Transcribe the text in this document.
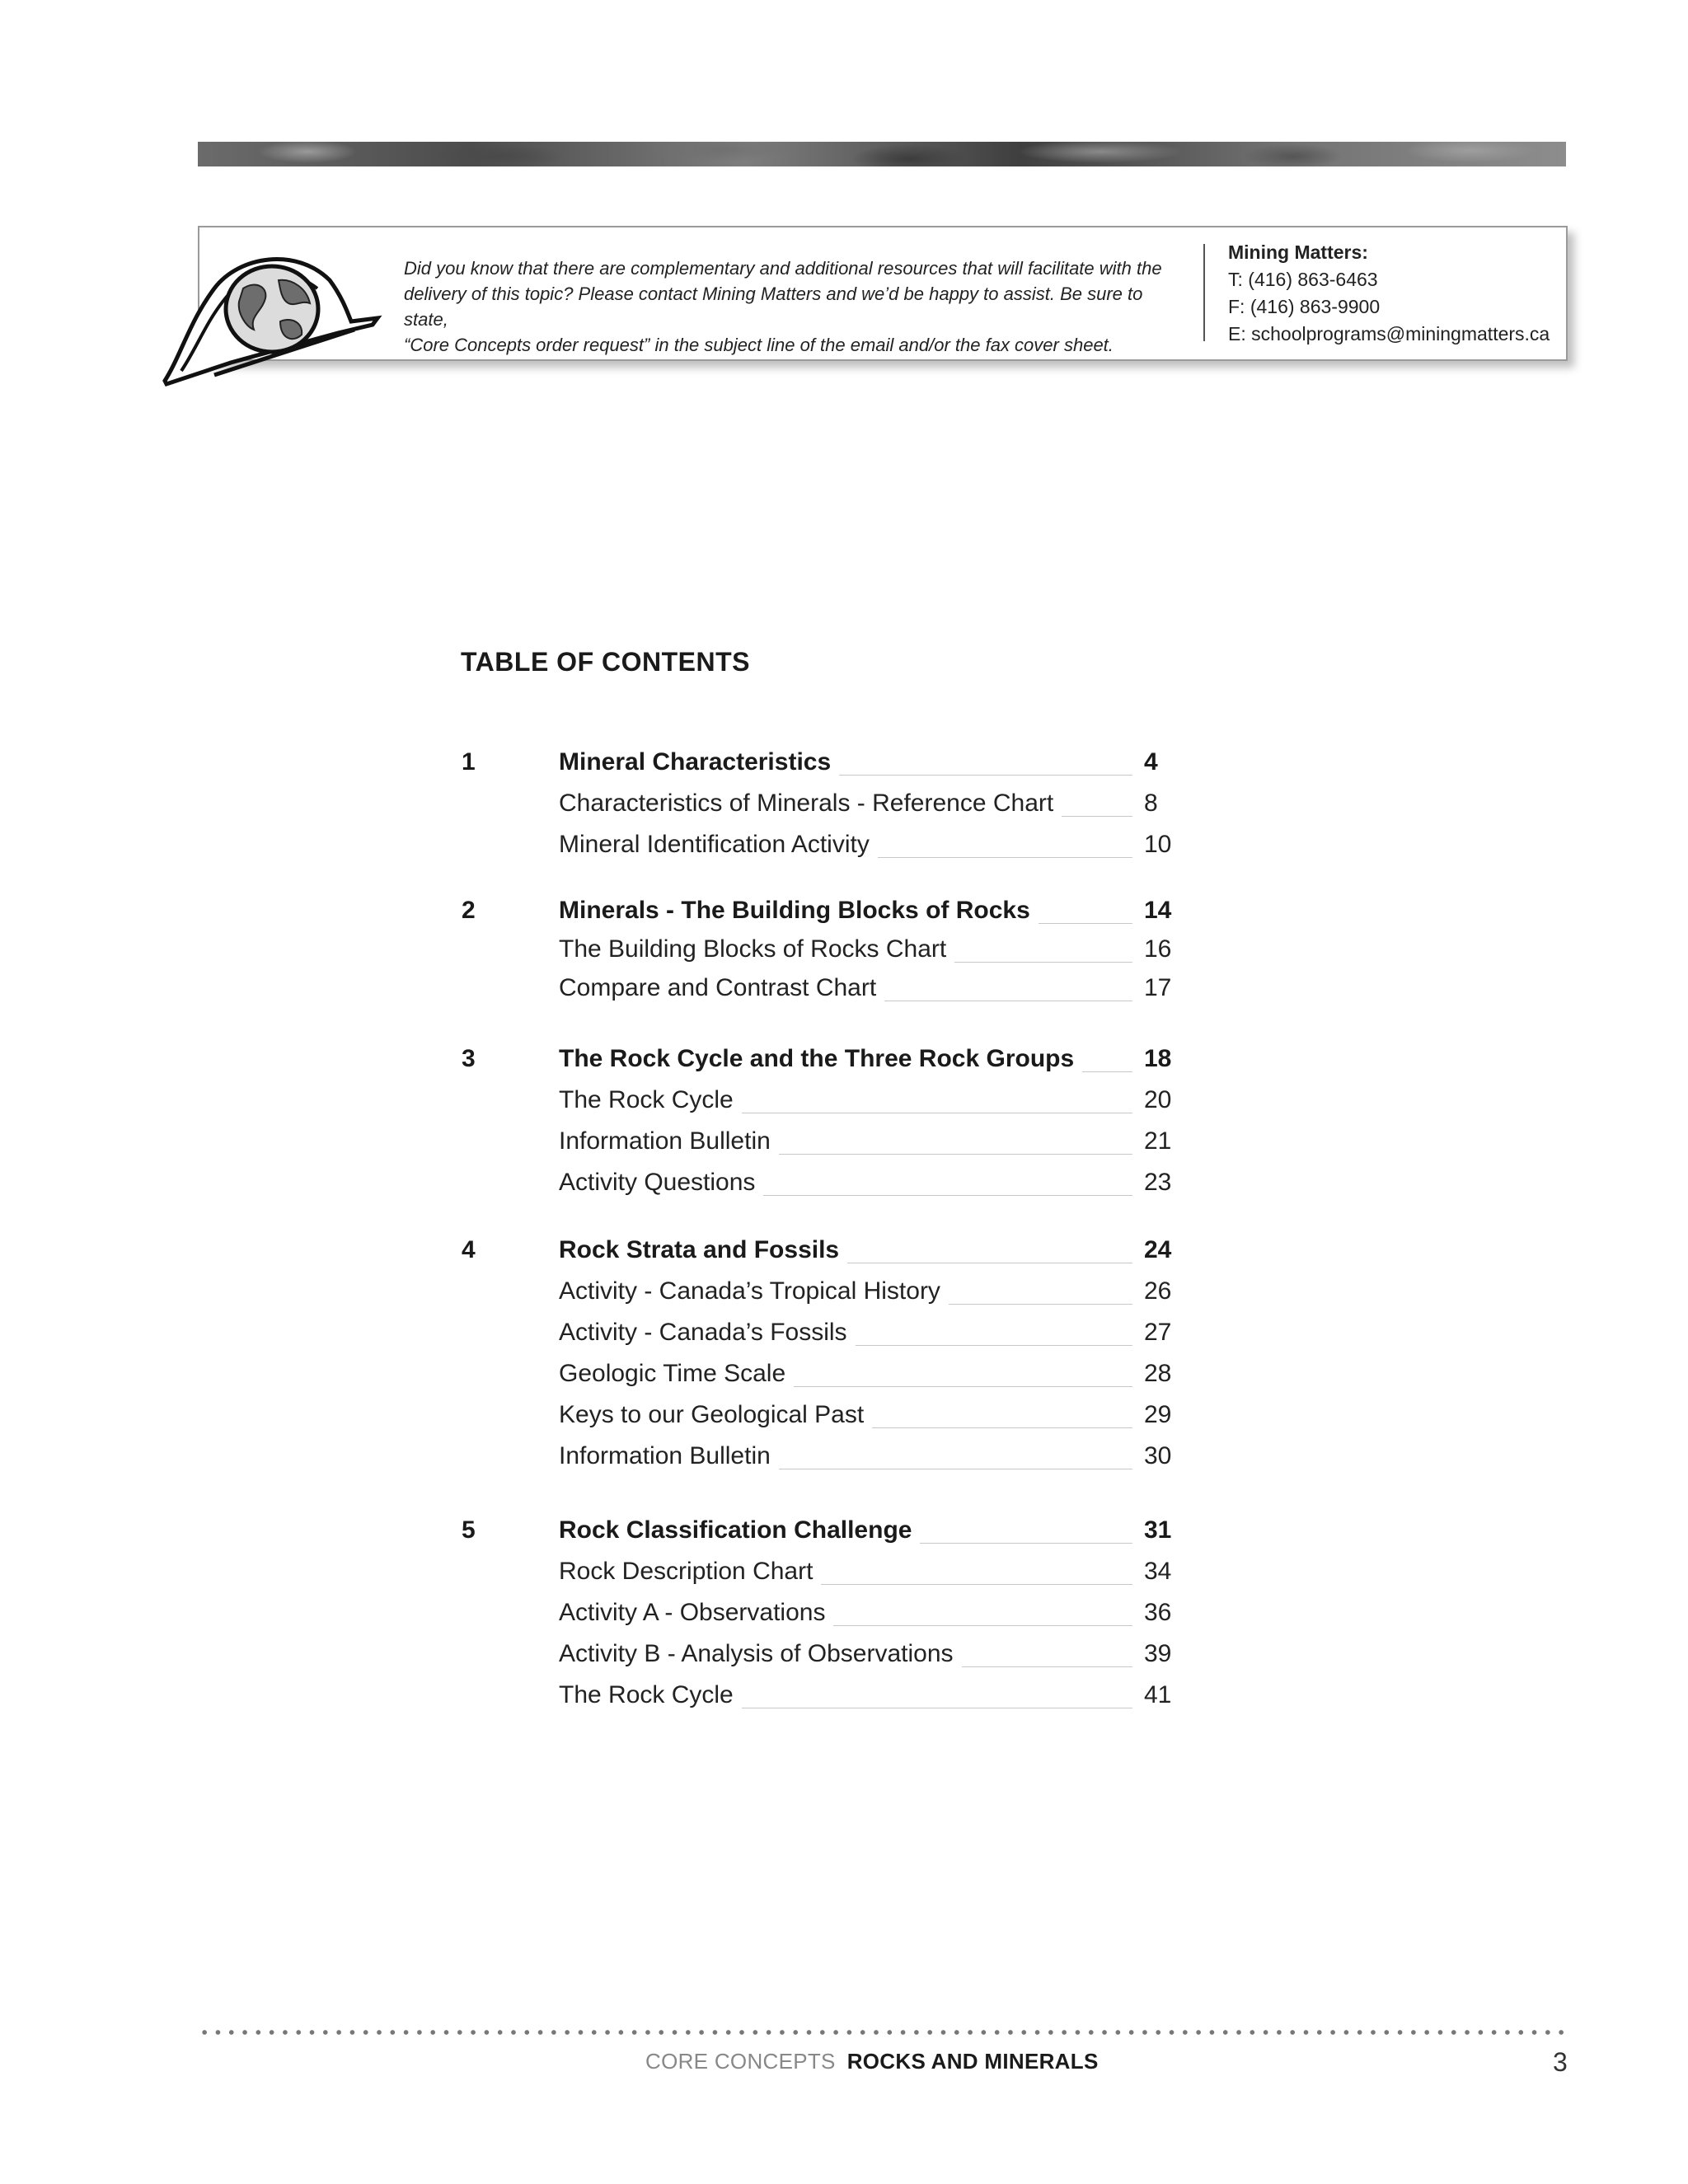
Did you know that there are complementary and additional resources that will facilitate with the
delivery of this topic? Please contact Mining Matters and we’d be happy to assist. Be sure to state,
“Core Concepts order request” in the subject line of the email and/or the fax cover sheet.
Mining Matters:
T: (416) 863-6463
F: (416) 863-9900
E: schoolprograms@miningmatters.ca
TABLE OF CONTENTS
1	Mineral Characteristics	4
Characteristics of Minerals - Reference Chart	8
Mineral Identification Activity	10
2	Minerals - The Building Blocks of Rocks	14
The Building Blocks of Rocks Chart	16
Compare and Contrast Chart	17
3	The Rock Cycle and the Three Rock Groups	18
The Rock Cycle	20
Information Bulletin	21
Activity Questions	23
4	Rock Strata and Fossils	24
Activity - Canada’s Tropical History	26
Activity - Canada’s Fossils	27
Geologic Time Scale	28
Keys to our Geological Past	29
Information Bulletin	30
5	Rock Classification Challenge	31
Rock Description Chart	34
Activity A - Observations	36
Activity B - Analysis of Observations	39
The Rock Cycle	41
CORE CONCEPTS ROCKS AND MINERALS	3
